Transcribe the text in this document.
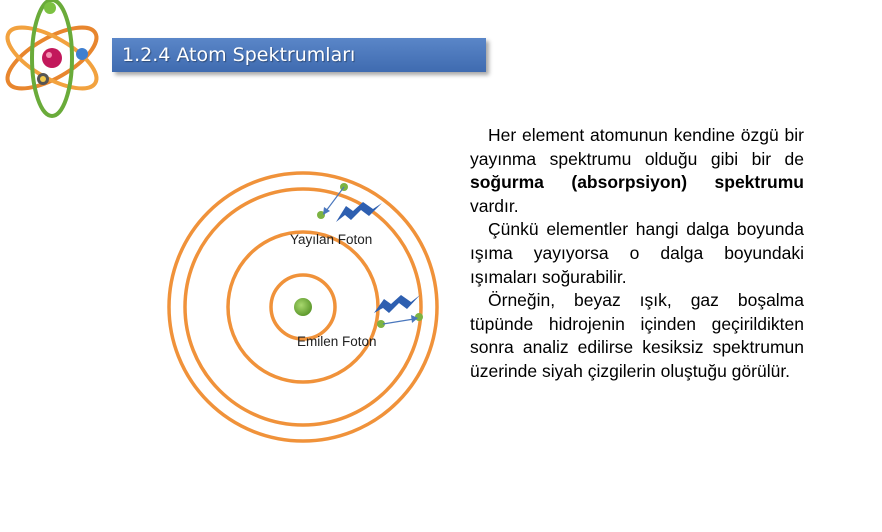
1.2.4 Atom Spektrumları
Yayılan Foton
Emilen Foton

Her element atomunun kendine özgü bir yayınma spektrumu olduğu gibi bir de soğurma (absorpsiyon) spektrumu vardır.

Çünkü elementler hangi dalga boyunda ışıma yayıyorsa o dalga boyundaki ışımaları soğurabilir.

Örneğin, beyaz ışık, gaz boşalma tüpünde hidrojenin içinden geçirildikten sonra analiz edilirse kesiksiz spektrumun üzerinde siyah çizgilerin oluştuğu görülür.
